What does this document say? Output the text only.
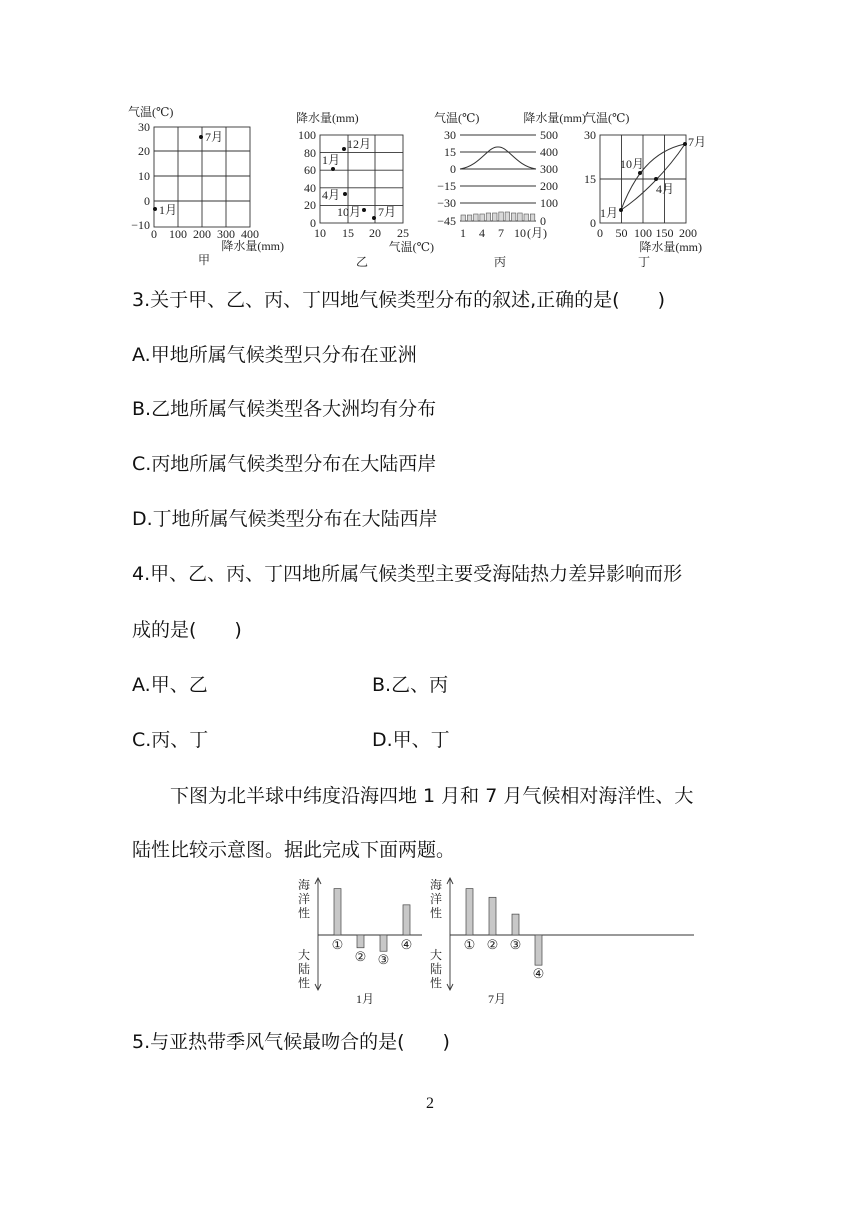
气温(℃)
30
20
10
0
−10
0 100 200 300 400
降水量(mm)
7月
1月
甲
降水量(mm)
100
80
60
40
20
0
10 15 20 25
气温(℃)
12月
1月
4月
10月 7月
乙
气温(℃)	降水量(mm)
30
15
0
−15
−30
−45
500
400
300
200
100
0
1 4 7 10 (月)
丙
气温(℃)
30
15
0
0 50 100 150 200
降水量(mm)
7月
10月
4月
1月
丁
3.关于甲、乙、丙、丁四地气候类型分布的叙述,正确的是(　　)
A.甲地所属气候类型只分布在亚洲
B.乙地所属气候类型各大洲均有分布
C.丙地所属气候类型分布在大陆西岸
D.丁地所属气候类型分布在大陆西岸
4.甲、乙、丙、丁四地所属气候类型主要受海陆热力差异影响而形
成的是(　　)
A.甲、乙	B.乙、丙
C.丙、丁	D.甲、丁
下图为北半球中纬度沿海四地 1 月和 7 月气候相对海洋性、大
陆性比较示意图。据此完成下面两题。
海
洋
性
大
陆
性
①
② ③
④
1月
海
洋
性
大
陆
性
① ② ③
④
7月
5.与亚热带季风气候最吻合的是(　　)
2
